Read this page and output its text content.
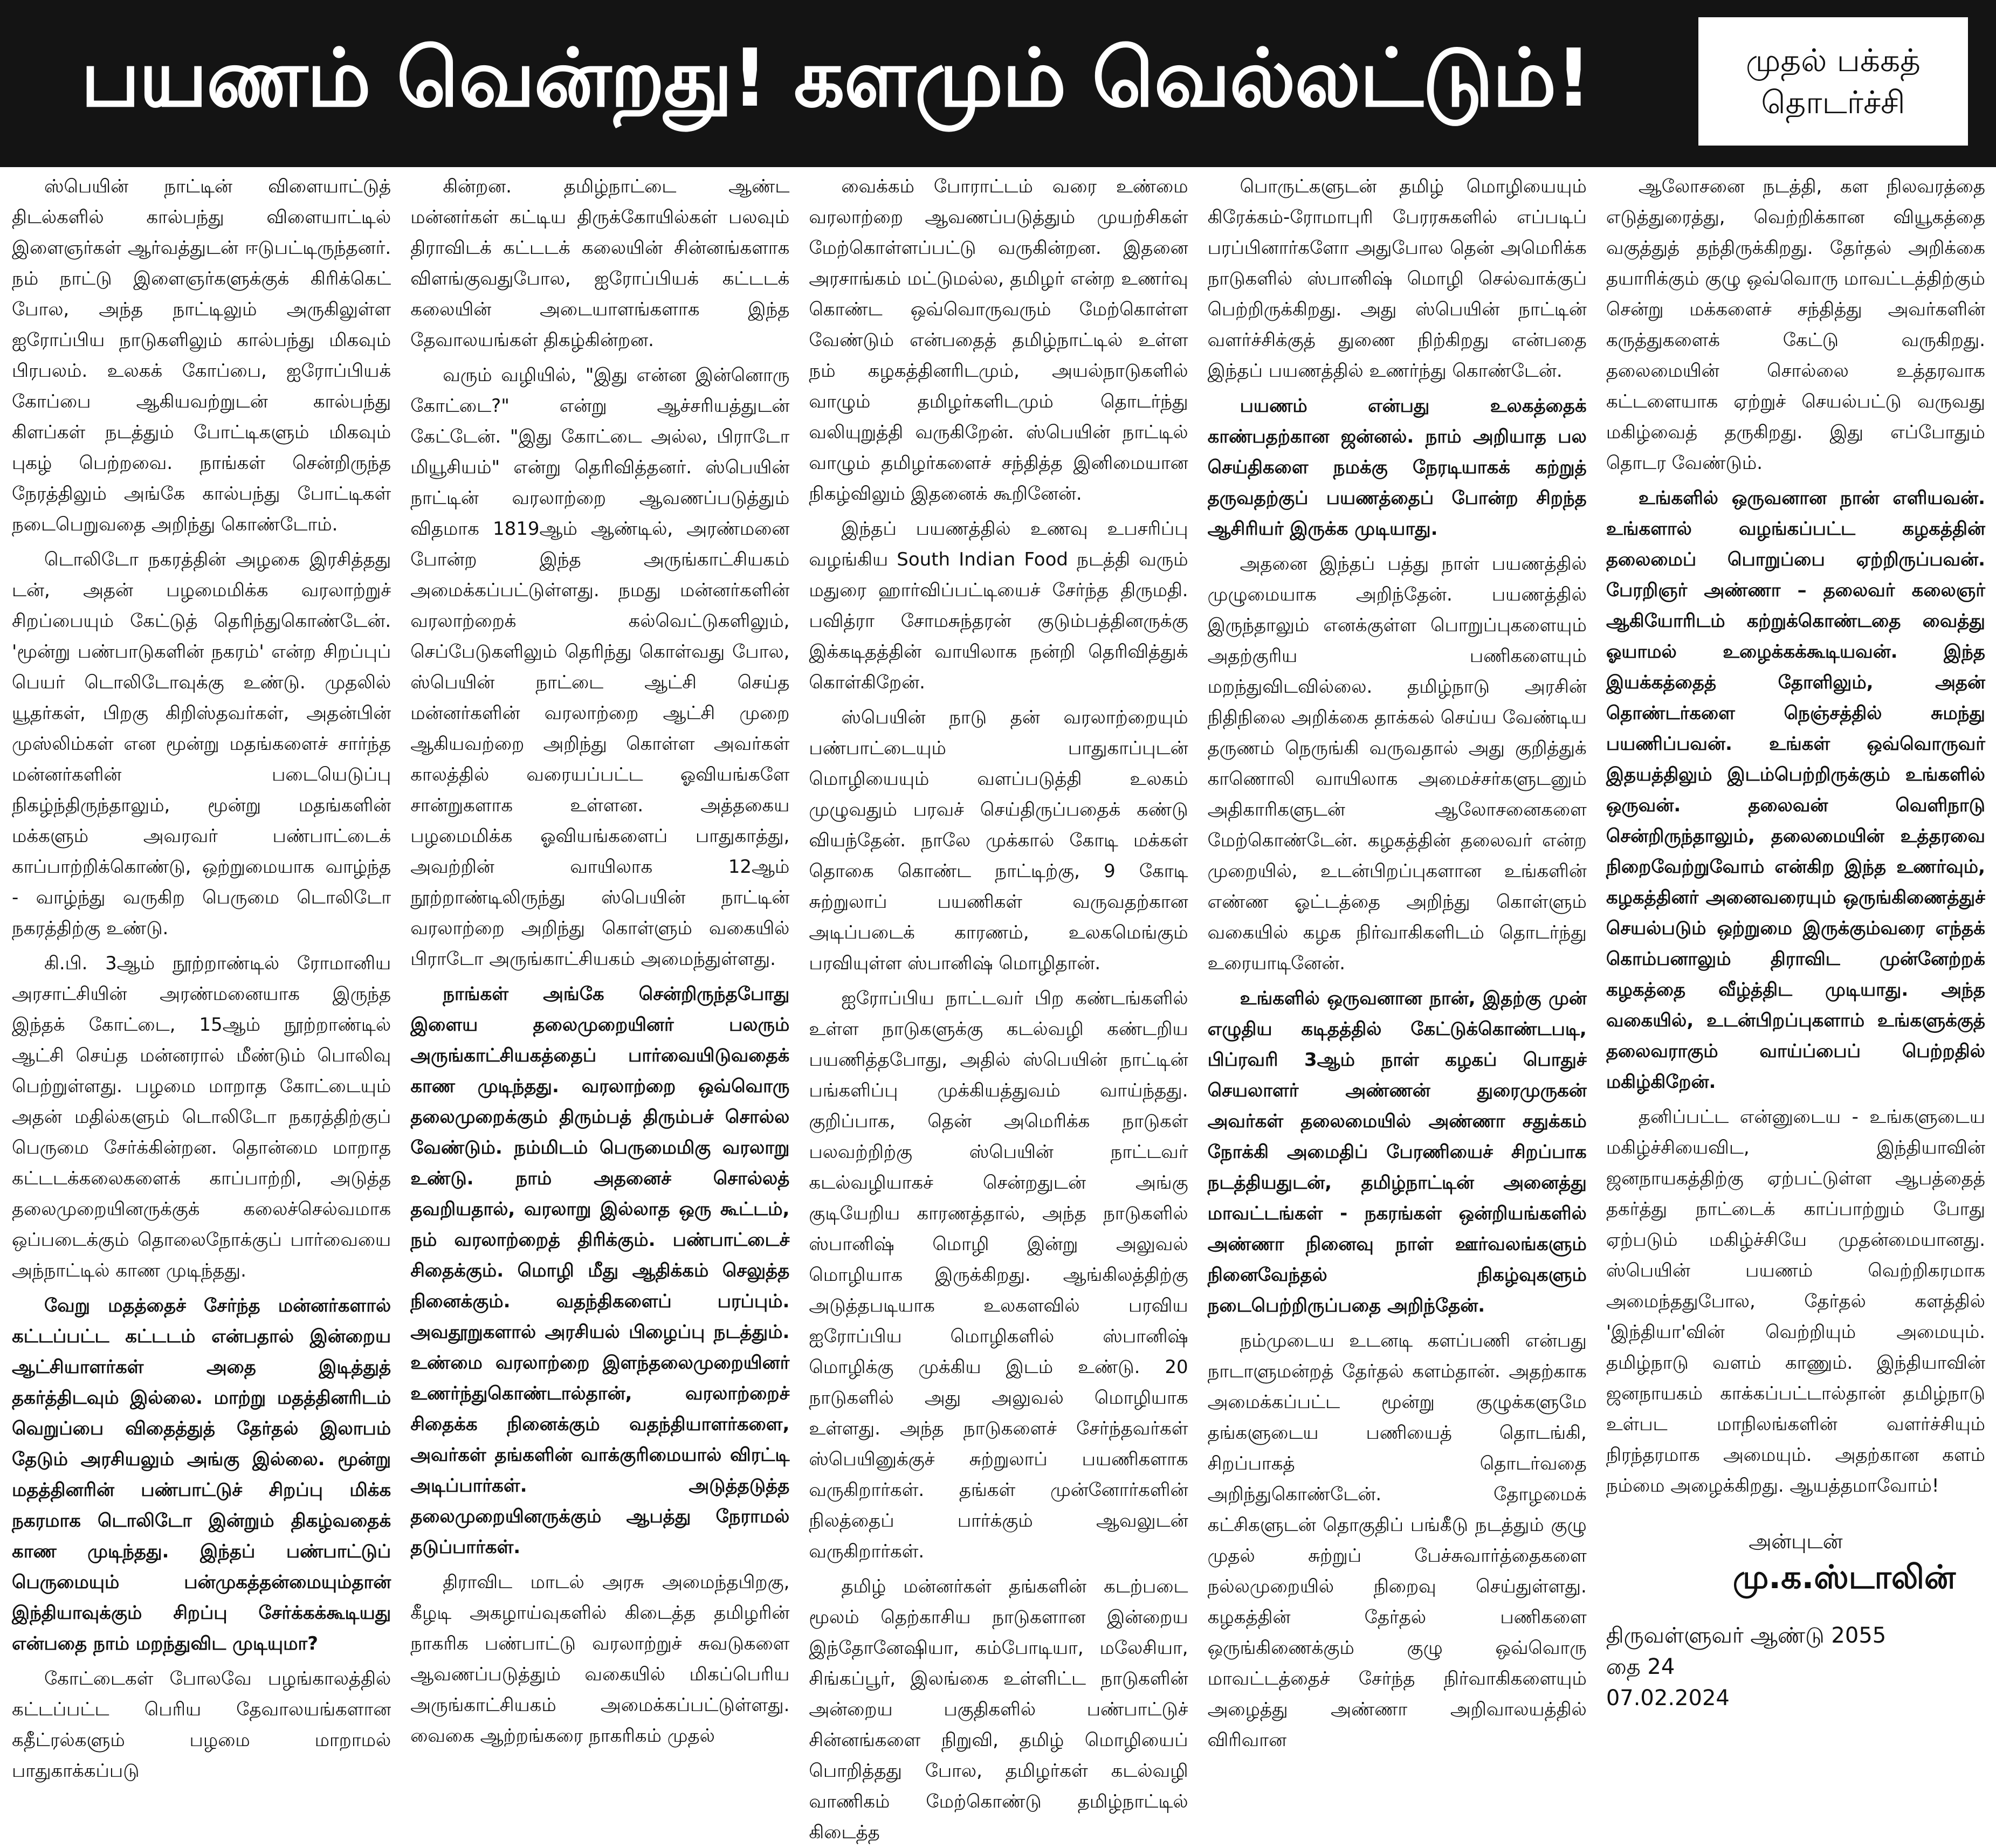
பயணம் வென்றது! களமும் வெல்லட்டும்!	முதல் பக்கத்
தொடர்ச்சி

ஸ்பெயின் நாட்டின் விளையாட்டுத் திடல்களில் கால்பந்து விளையாட்டில் இளைஞர்கள் ஆர்வத்துடன் ஈடுபட்டிருந்தனர். நம் நாட்டு இளைஞர்களுக்குக் கிரிக்கெட் போல, அந்த நாட்டிலும் அருகிலுள்ள ஐரோப்பிய நாடுகளிலும் கால்பந்து மிகவும் பிரபலம். உலகக் கோப்பை, ஐரோப்பியக் கோப்பை ஆகியவற்றுடன் கால்பந்து கிளப்கள் நடத்தும் போட்டிகளும் மிகவும் புகழ் பெற்றவை. நாங்கள் சென்றிருந்த நேரத்திலும் அங்கே கால்பந்து போட்டிகள் நடைபெறுவதை அறிந்து கொண்டோம்.

டொலிடோ நகரத்தின் அழகை இரசித்தது டன், அதன் பழமைமிக்க வரலாற்றுச் சிறப்பையும் கேட்டுத் தெரிந்துகொண்டேன். 'மூன்று பண்பாடுகளின் நகரம்' என்ற சிறப்புப் பெயர் டொலிடோவுக்கு உண்டு. முதலில் யூதர்கள், பிறகு கிறிஸ்தவர்கள், அதன்பின் முஸ்லிம்கள் என மூன்று மதங்களைச் சார்ந்த மன்னர்களின் படையெடுப்பு நிகழ்ந்திருந்தாலும், மூன்று மதங்களின் மக்களும் அவரவர் பண்பாட்டைக் காப்பாற்றிக்கொண்டு, ஒற்றுமையாக வாழ்ந்த - வாழ்ந்து வருகிற பெருமை டொலிடோ நகரத்திற்கு உண்டு.

கி.பி. 3ஆம் நூற்றாண்டில் ரோமானிய அரசாட்சியின் அரண்மனையாக இருந்த இந்தக் கோட்டை, 15ஆம் நூற்றாண்டில் ஆட்சி செய்த மன்னரால் மீண்டும் பொலிவு பெற்றுள்ளது. பழமை மாறாத கோட்டையும் அதன் மதில்களும் டொலிடோ நகரத்திற்குப் பெருமை சேர்க்கின்றன. தொன்மை மாறாத கட்டடக்கலைகளைக் காப்பாற்றி, அடுத்த தலைமுறையினருக்குக் கலைச்செல்வமாக ஒப்படைக்கும் தொலைநோக்குப் பார்வையை அந்நாட்டில் காண முடிந்தது.

வேறு மதத்தைச் சேர்ந்த மன்னர்களால் கட்டப்பட்ட கட்டடம் என்பதால் இன்றைய ஆட்சியாளர்கள் அதை இடித்துத் தகர்த்திடவும் இல்லை. மாற்று மதத்தினரிடம் வெறுப்பை விதைத்துத் தேர்தல் இலாபம் தேடும் அரசியலும் அங்கு இல்லை. மூன்று மதத்தினரின் பண்பாட்டுச் சிறப்பு மிக்க நகரமாக டொலிடோ இன்றும் திகழ்வதைக் காண முடிந்தது. இந்தப் பண்பாட்டுப் பெருமையும் பன்முகத்தன்மையும்தான் இந்தியாவுக்கும் சிறப்பு சேர்க்கக்கூடியது என்பதை நாம் மறந்துவிட முடியுமா?

கோட்டைகள் போலவே பழங்காலத்தில் கட்டப்பட்ட பெரிய தேவாலயங்களான கதீட்ரல்களும் பழமை மாறாமல் பாதுகாக்கப்படு

கின்றன. தமிழ்நாட்டை ஆண்ட மன்னர்கள் கட்டிய திருக்கோயில்கள் பலவும் திராவிடக் கட்டடக் கலையின் சின்னங்களாக விளங்குவதுபோல, ஐரோப்பியக் கட்டடக் கலையின் அடையாளங்களாக இந்த தேவாலயங்கள் திகழ்கின்றன.

வரும் வழியில், "இது என்ன இன்னொரு கோட்டை?" என்று ஆச்சரியத்துடன் கேட்டேன். "இது கோட்டை அல்ல, பிராடோ மியூசியம்" என்று தெரிவித்தனர். ஸ்பெயின் நாட்டின் வரலாற்றை ஆவணப்படுத்தும் விதமாக 1819ஆம் ஆண்டில், அரண்மனை போன்ற இந்த அருங்காட்சியகம் அமைக்கப்பட்டுள்ளது. நமது மன்னர்களின் வரலாற்றைக் கல்வெட்டுகளிலும், செப்பேடுகளிலும் தெரிந்து கொள்வது போல, ஸ்பெயின் நாட்டை ஆட்சி செய்த மன்னர்களின் வரலாற்றை ஆட்சி முறை ஆகியவற்றை அறிந்து கொள்ள அவர்கள் காலத்தில் வரையப்பட்ட ஓவியங்களே சான்றுகளாக உள்ளன. அத்தகைய பழமைமிக்க ஓவியங்களைப் பாதுகாத்து, அவற்றின் வாயிலாக 12ஆம் நூற்றாண்டிலிருந்து ஸ்பெயின் நாட்டின் வரலாற்றை அறிந்து கொள்ளும் வகையில் பிராடோ அருங்காட்சியகம் அமைந்துள்ளது.

நாங்கள் அங்கே சென்றிருந்தபோது இளைய தலைமுறையினர் பலரும் அருங்காட்சியகத்தைப் பார்வையிடுவதைக் காண முடிந்தது. வரலாற்றை ஒவ்வொரு தலைமுறைக்கும் திரும்பத் திரும்பச் சொல்ல வேண்டும். நம்மிடம் பெருமைமிகு வரலாறு உண்டு. நாம் அதனைச் சொல்லத் தவறியதால், வரலாறு இல்லாத ஒரு கூட்டம், நம் வரலாற்றைத் திரிக்கும். பண்பாட்டைச் சிதைக்கும். மொழி மீது ஆதிக்கம் செலுத்த நினைக்கும். வதந்திகளைப் பரப்பும். அவதூறுகளால் அரசியல் பிழைப்பு நடத்தும். உண்மை வரலாற்றை இளந்தலைமுறையினர் உணர்ந்துகொண்டால்தான், வரலாற்றைச் சிதைக்க நினைக்கும் வதந்தியாளர்களை, அவர்கள் தங்களின் வாக்குரிமையால் விரட்டி அடிப்பார்கள். அடுத்தடுத்த தலைமுறையினருக்கும் ஆபத்து நேராமல் தடுப்பார்கள்.

திராவிட மாடல் அரசு அமைந்தபிறகு, கீழடி அகழாய்வுகளில் கிடைத்த தமிழரின் நாகரிக பண்பாட்டு வரலாற்றுச் சுவடுகளை ஆவணப்படுத்தும் வகையில் மிகப்பெரிய அருங்காட்சியகம் அமைக்கப்பட்டுள்ளது. வைகை ஆற்றங்கரை நாகரிகம் முதல்

வைக்கம் போராட்டம் வரை உண்மை வரலாற்றை ஆவணப்படுத்தும் முயற்சிகள் மேற்கொள்ளப்பட்டு வருகின்றன. இதனை அரசாங்கம் மட்டுமல்ல, தமிழர் என்ற உணர்வு கொண்ட ஒவ்வொருவரும் மேற்கொள்ள வேண்டும் என்பதைத் தமிழ்நாட்டில் உள்ள நம் கழகத்தினரிடமும், அயல்நாடுகளில் வாழும் தமிழர்களிடமும் தொடர்ந்து வலியுறுத்தி வருகிறேன். ஸ்பெயின் நாட்டில் வாழும் தமிழர்களைச் சந்தித்த இனிமையான நிகழ்விலும் இதனைக் கூறினேன்.

இந்தப் பயணத்தில் உணவு உபசரிப்பு வழங்கிய South Indian Food நடத்தி வரும் மதுரை ஹார்விப்பட்டியைச் சேர்ந்த திருமதி. பவித்ரா சோமசுந்தரன் குடும்பத்தினருக்கு இக்கடிதத்தின் வாயிலாக நன்றி தெரிவித்துக் கொள்கிறேன்.

ஸ்பெயின் நாடு தன் வரலாற்றையும் பண்பாட்டையும் பாதுகாப்புடன் மொழியையும் வளப்படுத்தி உலகம் முழுவதும் பரவச் செய்திருப்பதைக் கண்டு வியந்தேன். நாலே முக்கால் கோடி மக்கள் தொகை கொண்ட நாட்டிற்கு, 9 கோடி சுற்றுலாப் பயணிகள் வருவதற்கான அடிப்படைக் காரணம், உலகமெங்கும் பரவியுள்ள ஸ்பானிஷ் மொழிதான்.

ஐரோப்பிய நாட்டவர் பிற கண்டங்களில் உள்ள நாடுகளுக்கு கடல்வழி கண்டறிய பயணித்தபோது, அதில் ஸ்பெயின் நாட்டின் பங்களிப்பு முக்கியத்துவம் வாய்ந்தது. குறிப்பாக, தென் அமெரிக்க நாடுகள் பலவற்றிற்கு ஸ்பெயின் நாட்டவர் கடல்வழியாகச் சென்றதுடன் அங்கு குடியேறிய காரணத்தால், அந்த நாடுகளில் ஸ்பானிஷ் மொழி இன்று அலுவல் மொழியாக இருக்கிறது. ஆங்கிலத்திற்கு அடுத்தபடியாக உலகளவில் பரவிய ஐரோப்பிய மொழிகளில் ஸ்பானிஷ் மொழிக்கு முக்கிய இடம் உண்டு. 20 நாடுகளில் அது அலுவல் மொழியாக உள்ளது. அந்த நாடுகளைச் சேர்ந்தவர்கள் ஸ்பெயினுக்குச் சுற்றுலாப் பயணிகளாக வருகிறார்கள். தங்கள் முன்னோர்களின் நிலத்தைப் பார்க்கும் ஆவலுடன் வருகிறார்கள்.

தமிழ் மன்னர்கள் தங்களின் கடற்படை மூலம் தெற்காசிய நாடுகளான இன்றைய இந்தோனேஷியா, கம்போடியா, மலேசியா, சிங்கப்பூர், இலங்கை உள்ளிட்ட நாடுகளின் அன்றைய பகுதிகளில் பண்பாட்டுச் சின்னங்களை நிறுவி, தமிழ் மொழியைப் பொறித்தது போல, தமிழர்கள் கடல்வழி வாணிகம் மேற்கொண்டு தமிழ்நாட்டில் கிடைத்த

பொருட்களுடன் தமிழ் மொழியையும் கிரேக்கம்-ரோமாபுரி பேரரசுகளில் எப்படிப் பரப்பினார்களோ அதுபோல தென் அமெரிக்க நாடுகளில் ஸ்பானிஷ் மொழி செல்வாக்குப் பெற்றிருக்கிறது. அது ஸ்பெயின் நாட்டின் வளர்ச்சிக்குத் துணை நிற்கிறது என்பதை இந்தப் பயணத்தில் உணர்ந்து கொண்டேன்.

பயணம் என்பது உலகத்தைக் காண்பதற்கான ஜன்னல். நாம் அறியாத பல செய்திகளை நமக்கு நேரடியாகக் கற்றுத் தருவதற்குப் பயணத்தைப் போன்ற சிறந்த ஆசிரியர் இருக்க முடியாது.

அதனை இந்தப் பத்து நாள் பயணத்தில் முழுமையாக அறிந்தேன். பயணத்தில் இருந்தாலும் எனக்குள்ள பொறுப்புகளையும் அதற்குரிய பணிகளையும் மறந்துவிடவில்லை. தமிழ்நாடு அரசின் நிதிநிலை அறிக்கை தாக்கல் செய்ய வேண்டிய தருணம் நெருங்கி வருவதால் அது குறித்துக் காணொலி வாயிலாக அமைச்சர்களுடனும் அதிகாரிகளுடன் ஆலோசனைகளை மேற்கொண்டேன். கழகத்தின் தலைவர் என்ற முறையில், உடன்பிறப்புகளான உங்களின் எண்ண ஓட்டத்தை அறிந்து கொள்ளும் வகையில் கழக நிர்வாகிகளிடம் தொடர்ந்து உரையாடினேன்.

உங்களில் ஒருவனான நான், இதற்கு முன் எழுதிய கடிதத்தில் கேட்டுக்கொண்டபடி, பிப்ரவரி 3ஆம் நாள் கழகப் பொதுச் செயலாளர் அண்ணன் துரைமுருகன் அவர்கள் தலைமையில் அண்ணா சதுக்கம் நோக்கி அமைதிப் பேரணியைச் சிறப்பாக நடத்தியதுடன், தமிழ்நாட்டின் அனைத்து மாவட்டங்கள் - நகரங்கள் ஒன்றியங்களில் அண்ணா நினைவு நாள் ஊர்வலங்களும் நினைவேந்தல் நிகழ்வுகளும் நடைபெற்றிருப்பதை அறிந்தேன்.

நம்முடைய உடனடி களப்பணி என்பது நாடாளுமன்றத் தேர்தல் களம்தான். அதற்காக அமைக்கப்பட்ட மூன்று குழுக்களுமே தங்களுடைய பணியைத் தொடங்கி, சிறப்பாகத் தொடர்வதை அறிந்துகொண்டேன். தோழமைக் கட்சிகளுடன் தொகுதிப் பங்கீடு நடத்தும் குழு முதல் சுற்றுப் பேச்சுவார்த்தைகளை நல்லமுறையில் நிறைவு செய்துள்ளது. கழகத்தின் தேர்தல் பணிகளை ஒருங்கிணைக்கும் குழு ஒவ்வொரு மாவட்டத்தைச் சேர்ந்த நிர்வாகிகளையும் அழைத்து அண்ணா அறிவாலயத்தில் விரிவான

ஆலோசனை நடத்தி, கள நிலவரத்தை எடுத்துரைத்து, வெற்றிக்கான வியூகத்தை வகுத்துத் தந்திருக்கிறது. தேர்தல் அறிக்கை தயாரிக்கும் குழு ஒவ்வொரு மாவட்டத்திற்கும் சென்று மக்களைச் சந்தித்து அவர்களின் கருத்துகளைக் கேட்டு வருகிறது. தலைமையின் சொல்லை உத்தரவாக கட்டளையாக ஏற்றுச் செயல்பட்டு வருவது மகிழ்வைத் தருகிறது. இது எப்போதும் தொடர வேண்டும்.

உங்களில் ஒருவனான நான் எளியவன். உங்களால் வழங்கப்பட்ட கழகத்தின் தலைமைப் பொறுப்பை ஏற்றிருப்பவன். பேரறிஞர் அண்ணா – தலைவர் கலைஞர் ஆகியோரிடம் கற்றுக்கொண்டதை வைத்து ஓயாமல் உழைக்கக்கூடியவன். இந்த இயக்கத்தைத் தோளிலும், அதன் தொண்டர்களை நெஞ்சத்தில் சுமந்து பயணிப்பவன். உங்கள் ஒவ்வொருவர் இதயத்திலும் இடம்பெற்றிருக்கும் உங்களில் ஒருவன். தலைவன் வெளிநாடு சென்றிருந்தாலும், தலைமையின் உத்தரவை நிறைவேற்றுவோம் என்கிற இந்த உணர்வும், கழகத்தினர் அனைவரையும் ஒருங்கிணைத்துச் செயல்படும் ஒற்றுமை இருக்கும்வரை எந்தக் கொம்பனாலும் திராவிட முன்னேற்றக் கழகத்தை வீழ்த்திட முடியாது. அந்த வகையில், உடன்பிறப்புகளாம் உங்களுக்குத் தலைவராகும் வாய்ப்பைப் பெற்றதில் மகிழ்கிறேன்.

தனிப்பட்ட என்னுடைய - உங்களுடைய மகிழ்ச்சியைவிட, இந்தியாவின் ஜனநாயகத்திற்கு ஏற்பட்டுள்ள ஆபத்தைத் தகர்த்து நாட்டைக் காப்பாற்றும் போது ஏற்படும் மகிழ்ச்சியே முதன்மையானது. ஸ்பெயின் பயணம் வெற்றிகரமாக அமைந்ததுபோல, தேர்தல் களத்தில் 'இந்தியா'வின் வெற்றியும் அமையும். தமிழ்நாடு வளம் காணும். இந்தியாவின் ஜனநாயகம் காக்கப்பட்டால்தான் தமிழ்நாடு உள்பட மாநிலங்களின் வளர்ச்சியும் நிரந்தரமாக அமையும். அதற்கான களம் நம்மை அழைக்கிறது. ஆயத்தமாவோம்!

அன்புடன்

மு.க.ஸ்டாலின்

திருவள்ளுவர் ஆண்டு 2055

தை 24

07.02.2024
